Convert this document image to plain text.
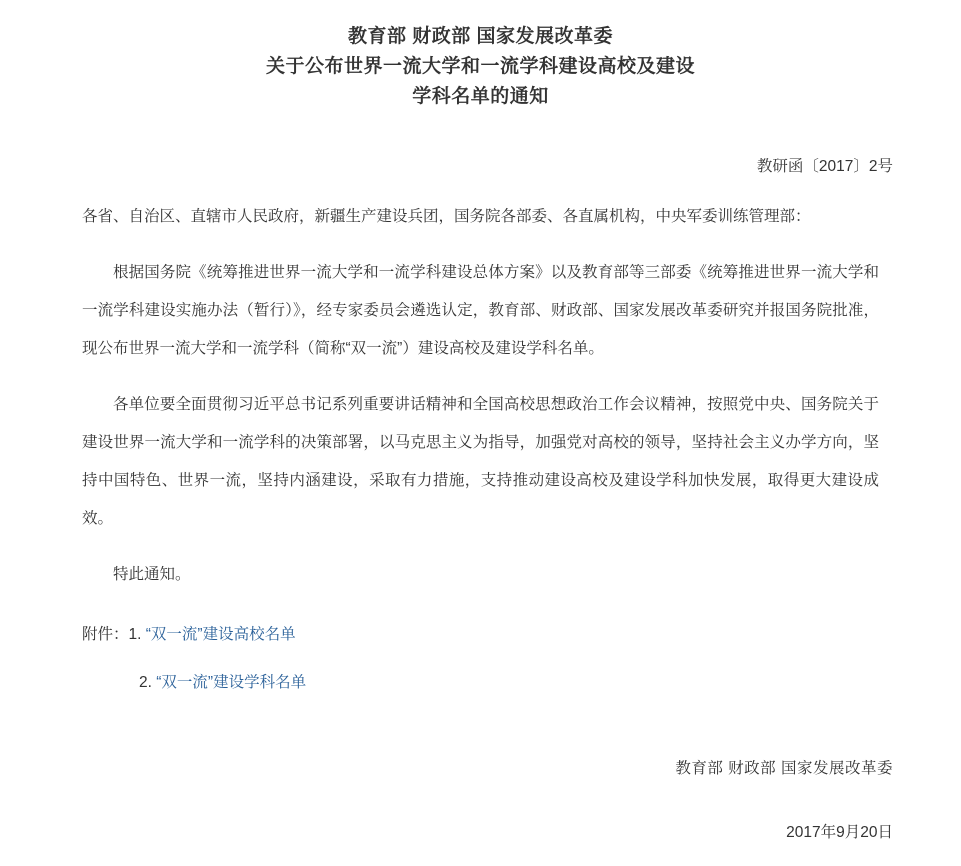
教育部 财政部 国家发展改革委
关于公布世界一流大学和一流学科建设高校及建设
学科名单的通知
教研函〔2017〕2号

各省、自治区、直辖市人民政府，新疆生产建设兵团，国务院各部委、各直属机构，中央军委训练管理部：

根据国务院《统筹推进世界一流大学和一流学科建设总体方案》以及教育部等三部委《统筹推进世界一流大学和一流学科建设实施办法（暂行）》，经专家委员会遴选认定，教育部、财政部、国家发展改革委研究并报国务院批准，现公布世界一流大学和一流学科（简称“双一流”）建设高校及建设学科名单。

各单位要全面贯彻习近平总书记系列重要讲话精神和全国高校思想政治工作会议精神，按照党中央、国务院关于建设世界一流大学和一流学科的决策部署，以马克思主义为指导，加强党对高校的领导，坚持社会主义办学方向，坚持中国特色、世界一流，坚持内涵建设，采取有力措施，支持推动建设高校及建设学科加快发展，取得更大建设成效。

特此通知。

附件：1. “双一流”建设高校名单
2. “双一流”建设学科名单
教育部 财政部 国家发展改革委
2017年9月20日
